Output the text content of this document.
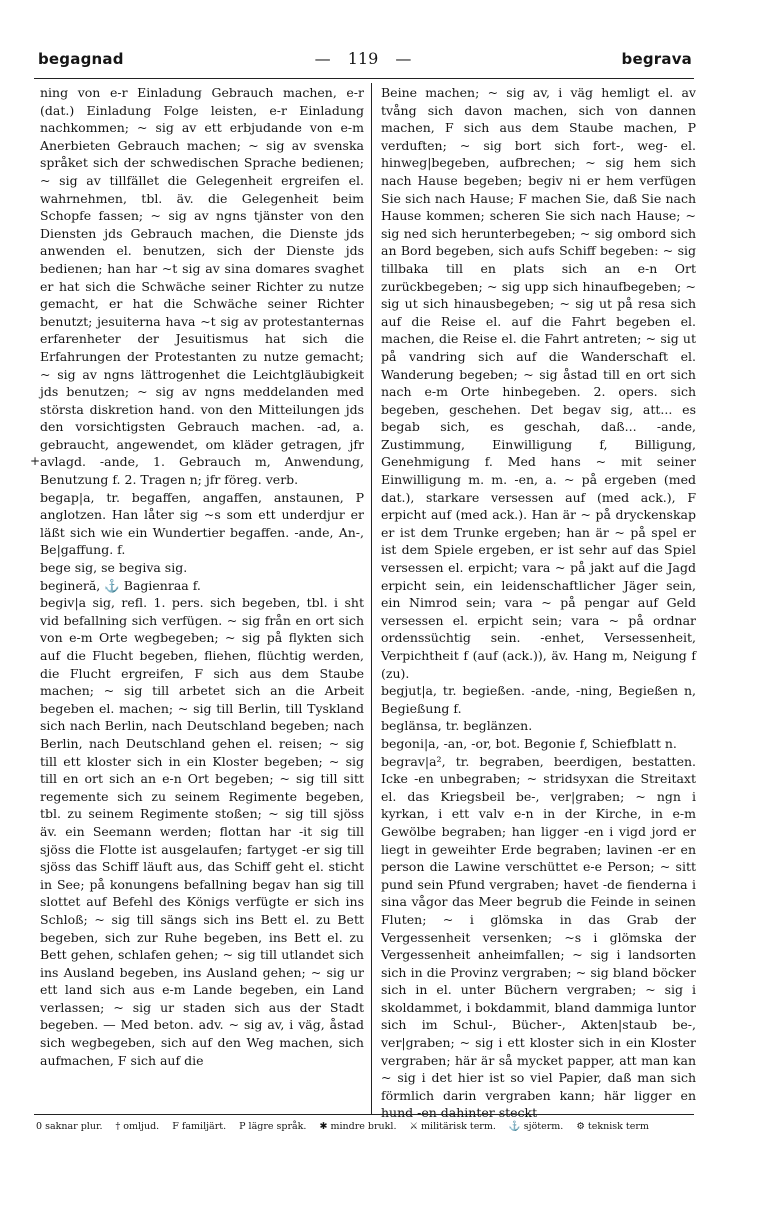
begagnad	— 119 —	begrava

ning von e-r Einladung Gebrauch machen, e-r (dat.) Einladung Folge leisten, e-r Einladung nachkommen; ~ sig av ett erbjudande von e-m Anerbieten Gebrauch machen; ~ sig av svenska språket sich der schwedischen Sprache bedienen; ~ sig av tillfället die Gelegenheit ergreifen el. wahrnehmen, tbl. äv. die Gelegenheit beim Schopfe fassen; ~ sig av ngns tjänster von den Diensten jds Gebrauch machen, die Dienste jds anwenden el. benutzen, sich der Dienste jds bedienen; han har ~t sig av sina domares svaghet er hat sich die Schwäche seiner Richter zu nutze gemacht, er hat die Schwäche seiner Richter benutzt; jesuiterna hava ~t sig av protestanternas erfarenheter der Jesuitismus hat sich die Erfahrungen der Protestanten zu nutze gemacht; ~ sig av ngns lättrogenhet die Leichtgläubigkeit jds benutzen; ~ sig av ngns meddelanden med största diskretion hand. von den Mitteilungen jds den vorsichtigsten Gebrauch machen. -ad, a. gebraucht, angewendet, om kläder getragen, jfr avlagd. -ande, 1. Gebrauch m, Anwendung, Benutzung f. 2. Tragen n; jfr föreg. verb.

begap|a, tr. begaffen, angaffen, anstaunen, P anglotzen. Han låter sig ~s som ett underdjur er läßt sich wie ein Wundertier begaffen. -ande, An-, Be|gaffung. f.

bege sig, se begiva sig.

begineră, ⚓ Bagienraa f.

begiv|a sig, refl. 1. pers. sich begeben, tbl. i sht vid befallning sich verfügen. ~ sig från en ort sich von e-m Orte wegbegeben; ~ sig på flykten sich auf die Flucht begeben, fliehen, flüchtig werden, die Flucht ergreifen, F sich aus dem Staube machen; ~ sig till arbetet sich an die Arbeit begeben el. machen; ~ sig till Berlin, till Tyskland sich nach Berlin, nach Deutschland begeben; nach Berlin, nach Deutschland gehen el. reisen; ~ sig till ett kloster sich in ein Kloster begeben; ~ sig till en ort sich an e-n Ort begeben; ~ sig till sitt regemente sich zu seinem Regimente begeben, tbl. zu seinem Regimente stoßen; ~ sig till sjöss äv. ein Seemann werden; flottan har -it sig till sjöss die Flotte ist ausgelaufen; fartyget -er sig till sjöss das Schiff läuft aus, das Schiff geht el. sticht in See; på konungens befallning begav han sig till slottet auf Befehl des Königs verfügte er sich ins Schloß; ~ sig till sängs sich ins Bett el. zu Bett begeben, sich zur Ruhe begeben, ins Bett el. zu Bett gehen, schlafen gehen; ~ sig till utlandet sich ins Ausland begeben, ins Ausland gehen; ~ sig ur ett land sich aus e-m Lande begeben, ein Land verlassen; ~ sig ur staden sich aus der Stadt begeben. — Med beton. adv. ~ sig av, i väg, åstad sich wegbegeben, sich auf den Weg machen, sich aufmachen, F sich auf die

+

Beine machen; ~ sig av, i väg hemligt el. av tvång sich davon machen, sich von dannen machen, F sich aus dem Staube machen, P verduften; ~ sig bort sich fort-, weg- el. hinweg|begeben, aufbrechen; ~ sig hem sich nach Hause begeben; begiv ni er hem verfügen Sie sich nach Hause; F machen Sie, daß Sie nach Hause kommen; scheren Sie sich nach Hause; ~ sig ned sich herunterbegeben; ~ sig ombord sich an Bord begeben, sich aufs Schiff begeben: ~ sig tillbaka till en plats sich an e-n Ort zurückbegeben; ~ sig upp sich hinaufbegeben; ~ sig ut sich hinausbegeben; ~ sig ut på resa sich auf die Reise el. auf die Fahrt begeben el. machen, die Reise el. die Fahrt antreten; ~ sig ut på vandring sich auf die Wanderschaft el. Wanderung begeben; ~ sig åstad till en ort sich nach e-m Orte hinbegeben. 2. opers. sich begeben, geschehen. Det begav sig, att... es begab sich, es geschah, daß... -ande, Zustimmung, Einwilligung f, Billigung, Genehmigung f. Med hans ~ mit seiner Einwilligung m. m. -en, a. ~ på ergeben (med dat.), starkare versessen auf (med ack.), F erpicht auf (med ack.). Han är ~ på dryckenskap er ist dem Trunke ergeben; han är ~ på spel er ist dem Spiele ergeben, er ist sehr auf das Spiel versessen el. erpicht; vara ~ på jakt auf die Jagd erpicht sein, ein leidenschaftlicher Jäger sein, ein Nimrod sein; vara ~ på pengar auf Geld versessen el. erpicht sein; vara ~ på ordnar ordenssüchtig sein. -enhet, Versessenheit, Verpichtheit f (auf (ack.)), äv. Hang m, Neigung f (zu).

begjut|a, tr. begießen. -ande, -ning, Begießen n, Begießung f.

beglänsa, tr. beglänzen.

begoni|a, -an, -or, bot. Begonie f, Schiefblatt n.

begrav|a², tr. begraben, beerdigen, bestatten. Icke -en unbegraben; ~ stridsyxan die Streitaxt el. das Kriegsbeil be-, ver|graben; ~ ngn i kyrkan, i ett valv e-n in der Kirche, in e-m Gewölbe begraben; han ligger -en i vigd jord er liegt in geweihter Erde begraben; lavinen -er en person die Lawine verschüttet e-e Person; ~ sitt pund sein Pfund vergraben; havet -de fienderna i sina vågor das Meer begrub die Feinde in seinen Fluten; ~ i glömska in das Grab der Vergessenheit versenken; ~s i glömska der Vergessenheit anheimfallen; ~ sig i landsorten sich in die Provinz vergraben; ~ sig bland böcker sich in el. unter Büchern vergraben; ~ sig i skoldammet, i bokdammit, bland dammiga luntor sich im Schul-, Bücher-, Akten|staub be-, ver|graben; ~ sig i ett kloster sich in ein Kloster vergraben; här är så mycket papper, att man kan ~ sig i det hier ist so viel Papier, daß man sich förmlich darin vergraben kann; här ligger en hund -en dahinter steckt

0 saknar plur. † omljud. F familjärt. P lägre språk. ✱ mindre brukl. ⚔ militärisk term. ⚓ sjöterm. ⚙ teknisk term
